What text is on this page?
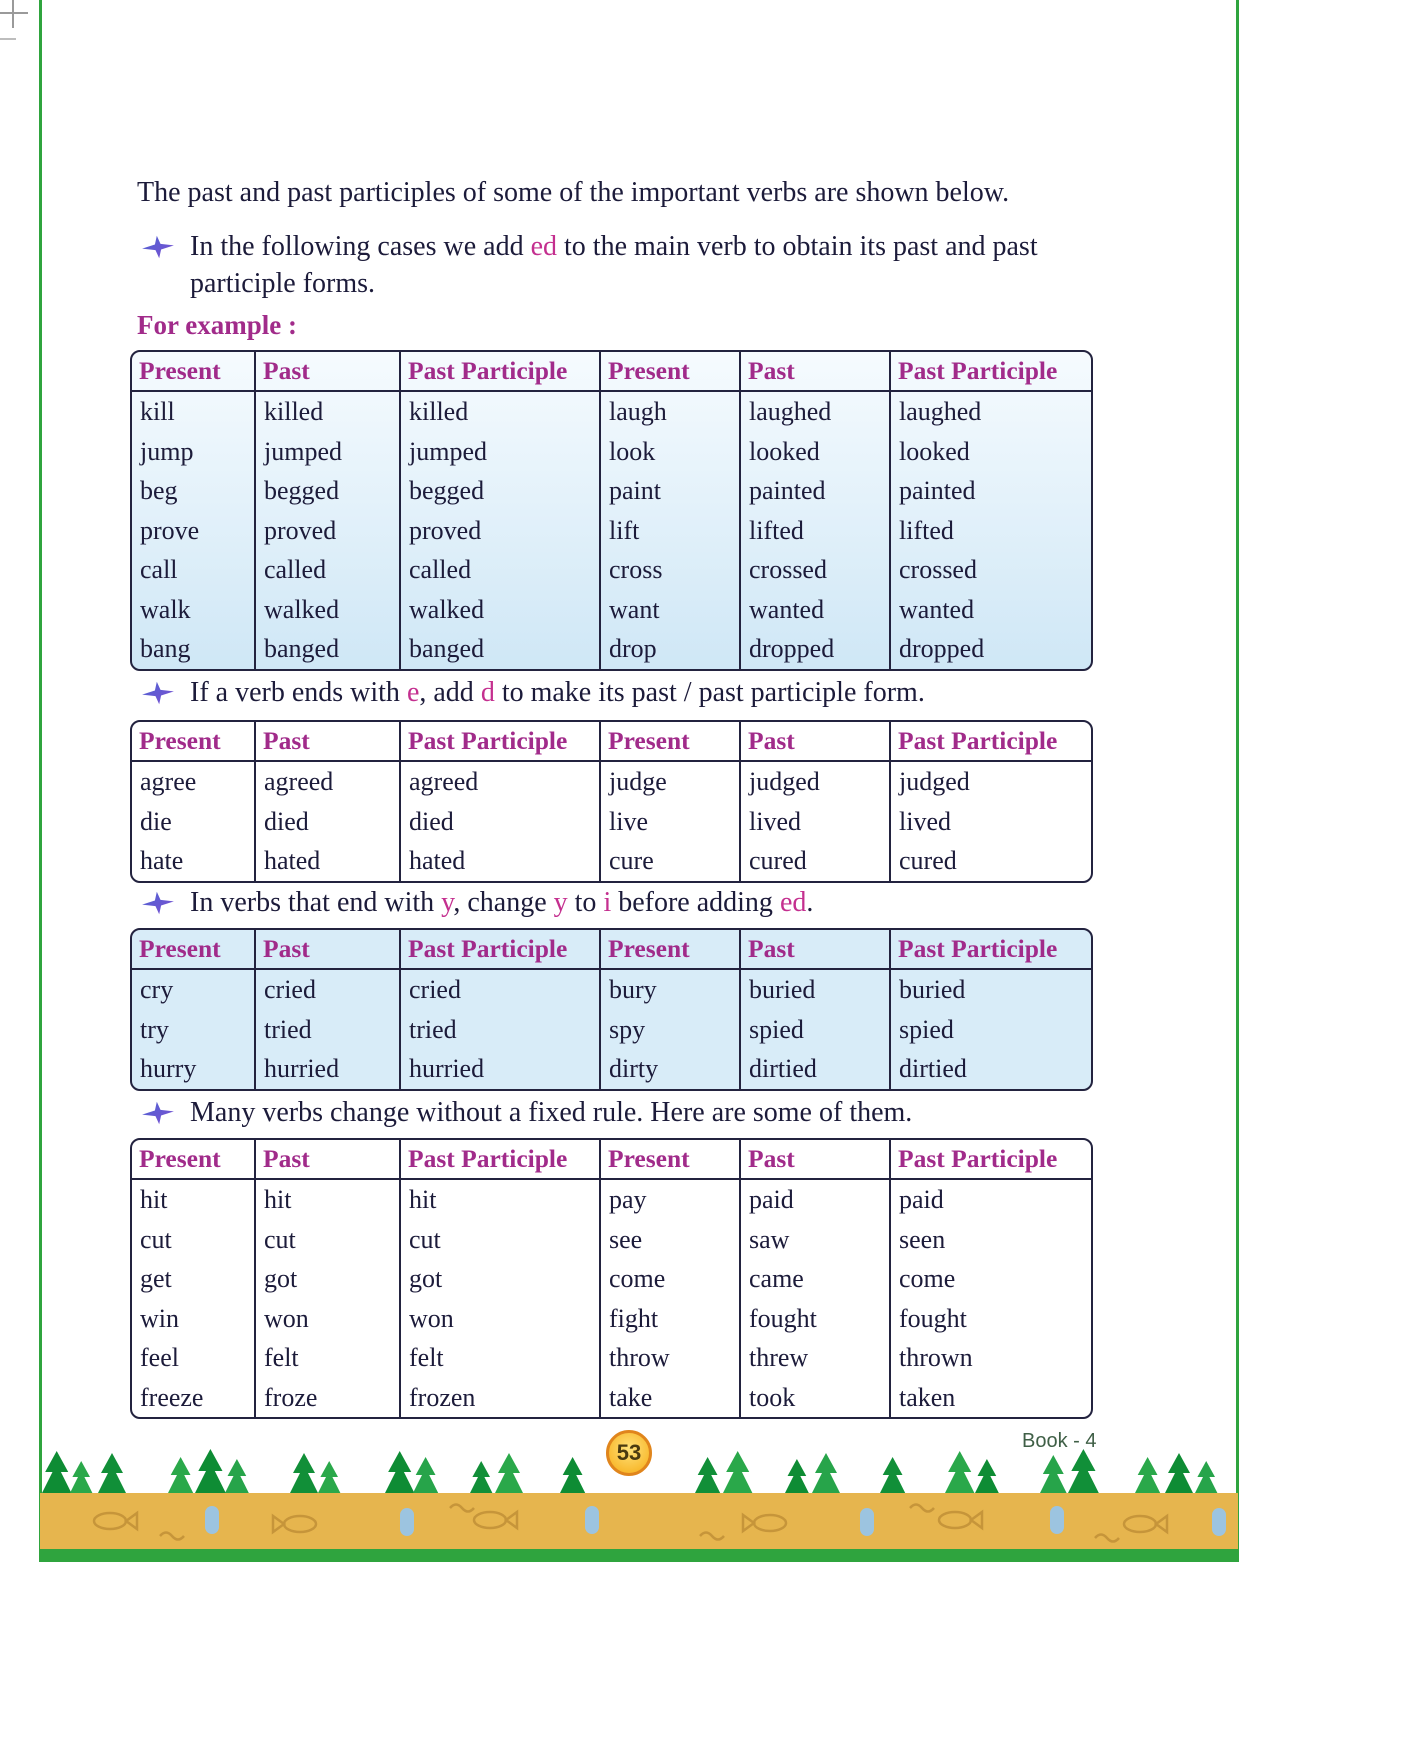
The past and past participles of some of the important verbs are shown below.

In the following cases we add ed to the main verb to obtain its past and past participle forms.

For example :

Present	Past	Past Participle	Present	Past	Past Participle
kill	killed	killed	laugh	laughed	laughed
jump	jumped	jumped	look	looked	looked
beg	begged	begged	paint	painted	painted
prove	proved	proved	lift	lifted	lifted
call	called	called	cross	crossed	crossed
walk	walked	walked	want	wanted	wanted
bang	banged	banged	drop	dropped	dropped

If a verb ends with e, add d to make its past / past participle form.

Present	Past	Past Participle	Present	Past	Past Participle
agree	agreed	agreed	judge	judged	judged
die	died	died	live	lived	lived
hate	hated	hated	cure	cured	cured

In verbs that end with y, change y to i before adding ed.

Present	Past	Past Participle	Present	Past	Past Participle
cry	cried	cried	bury	buried	buried
try	tried	tried	spy	spied	spied
hurry	hurried	hurried	dirty	dirtied	dirtied

Many verbs change without a fixed rule. Here are some of them.

Present	Past	Past Participle	Present	Past	Past Participle
hit	hit	hit	pay	paid	paid
cut	cut	cut	see	saw	seen
get	got	got	come	came	come
win	won	won	fight	fought	fought
feel	felt	felt	throw	threw	thrown
freeze	froze	frozen	take	took	taken
53	Book - 4
